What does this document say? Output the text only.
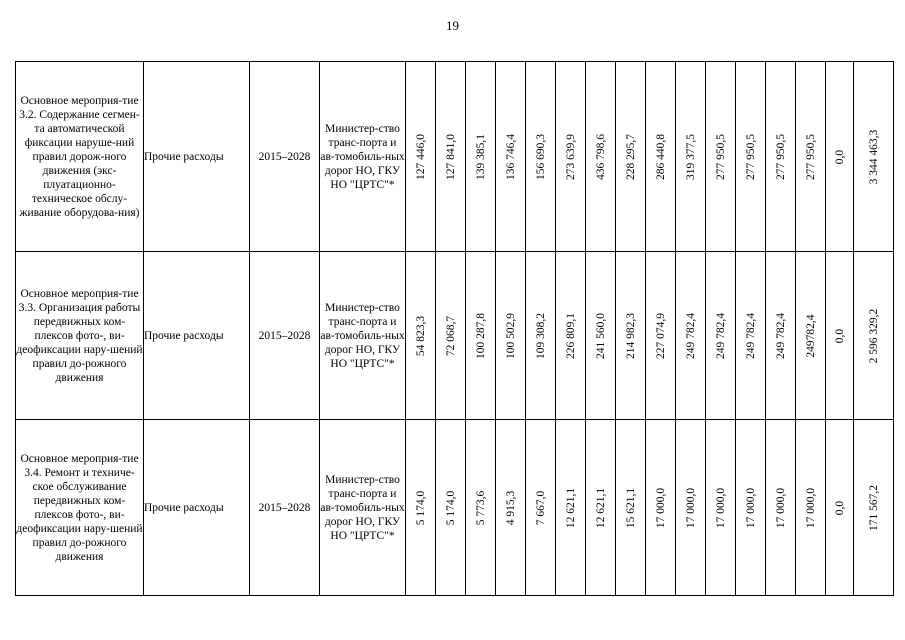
19
Основное мероприя-тие 3.2. Содержание сегмен-та автоматической фиксации наруше-ний правил дорож-ного движения (экс-плуатационно-техническое обслу-живание оборудова-ния)	Прочие расходы	2015–2028	Министер-ство транс-порта и ав-томобиль-ных дорог НО, ГКУ НО "ЦРТС"*	127 446,0	127 841,0	139 385,1	136 746,4	156 690,3	273 639,9	436 798,6	228 295,7	286 440,8	319 377,5	277 950,5	277 950,5	277 950,5	277 950,5	0,0	3 344 463,3

Основное мероприя-тие 3.3. Организация работы передвижных ком-плексов фото-, ви-деофиксации нару-шений правил до-рожного движения	Прочие расходы	2015–2028	Министер-ство транс-порта и ав-томобиль-ных дорог НО, ГКУ НО "ЦРТС"*	54 823,3	72 068,7	100 287,8	100 502,9	109 308,2	226 809,1	241 560,0	214 982,3	227 074,9	249 782,4	249 782,4	249 782,4	249 782,4	249782,4	0,0	2 596 329,2

Основное мероприя-тие 3.4. Ремонт и техниче-ское обслуживание передвижных ком-плексов фото-, ви-деофиксации нару-шений правил до-рожного движения	Прочие расходы	2015–2028	Министер-ство транс-порта и ав-томобиль-ных дорог НО, ГКУ НО "ЦРТС"*	5 174,0	5 174,0	5 773,6	4 915,3	7 667,0	12 621,1	12 621,1	15 621,1	17 000,0	17 000,0	17 000,0	17 000,0	17 000,0	17 000,0	0,0	171 567,2
